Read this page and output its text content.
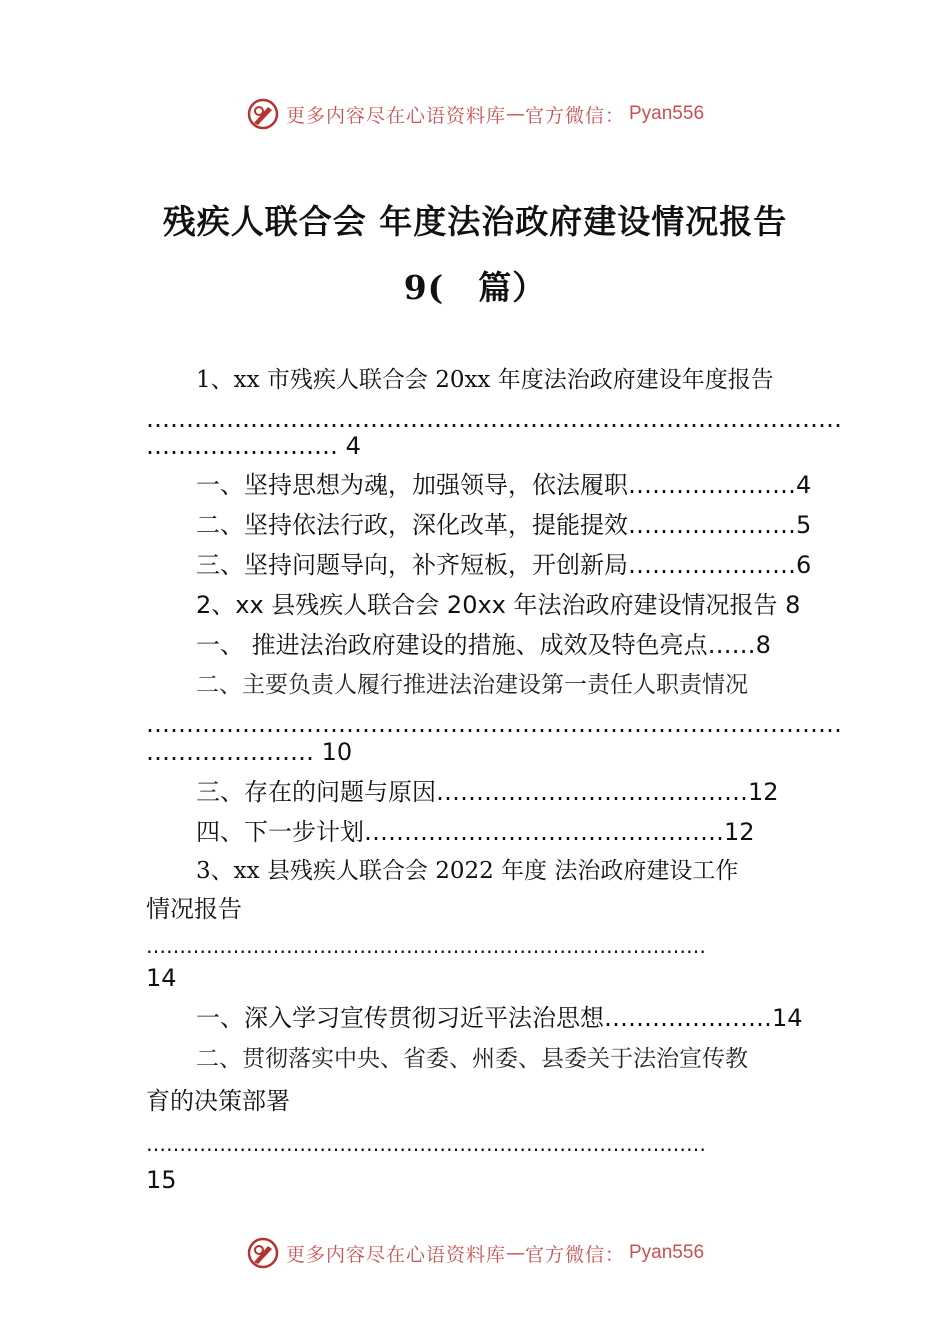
更多内容尽在心语资料库 — 官方微信： Pyan556
残疾人联合会 年度法治政府建设情况报告
9(　篇）
1、xx 市残疾人联合会 20xx 年度法治政府建设年度报告
……………………………………………………………………………
…………………… 4
一、坚持思想为魂，加强领导，依法履职…………………4
二、坚持依法行政，深化改革，提能提效…………………5
三、坚持问题导向，补齐短板，开创新局…………………6
2、xx 县残疾人联合会 20xx 年法治政府建设情况报告 8
一、 推进法治政府建设的措施、成效及特色亮点……8
二、主要负责人履行推进法治建设第一责任人职责情况
……………………………………………………………………………
………………… 10
三、存在的问题与原因…………………………………12
四、下一步计划………………………………………12
3、xx 县残疾人联合会 2022 年度 法治政府建设工作
情况报告
…………………………………………………………………………
14
一、深入学习宣传贯彻习近平法治思想…………………14
二、贯彻落实中央、省委、州委、县委关于法治宣传教
育的决策部署
…………………………………………………………………………
15
更多内容尽在心语资料库 — 官方微信： Pyan556
